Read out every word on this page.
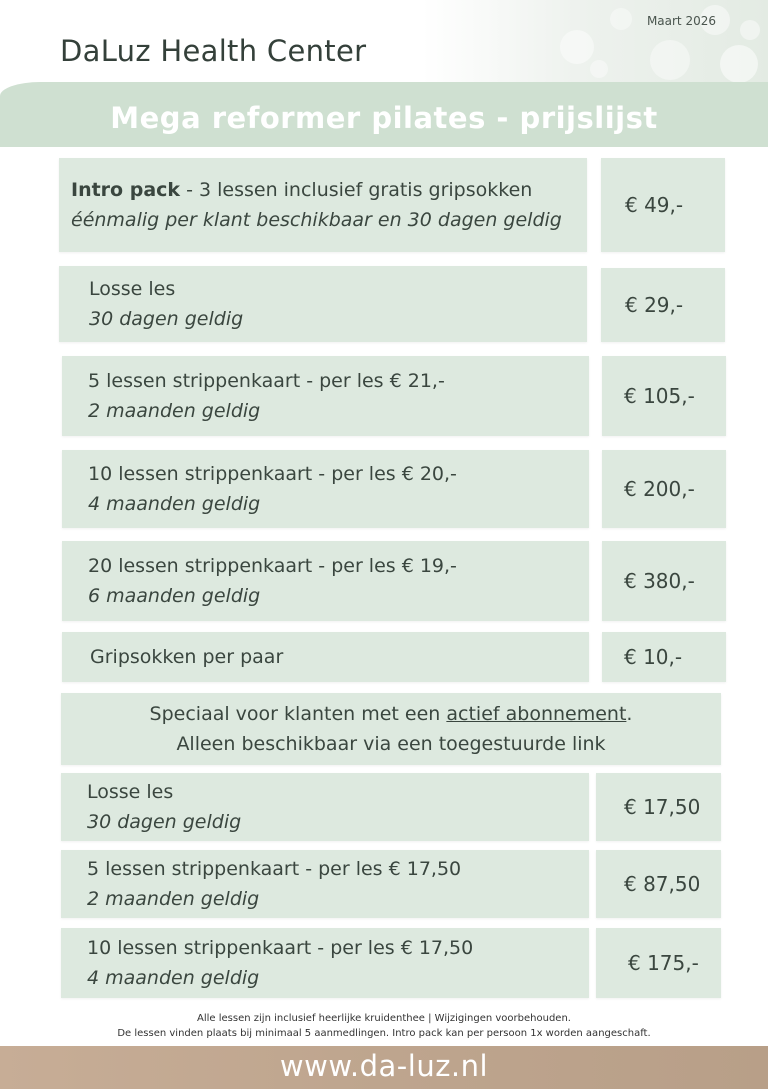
DaLuz Health Center
Maart 2026
Mega reformer pilates - prijslijst
Intro pack - 3 lessen inclusief gratis gripsokken
éénmalig per klant beschikbaar en 30 dagen geldig
€ 49,-
Losse les
30 dagen geldig
€ 29,-
5 lessen strippenkaart - per les € 21,-
2 maanden geldig
€ 105,-
10 lessen strippenkaart - per les € 20,-
4 maanden geldig
€ 200,-
20 lessen strippenkaart - per les € 19,-
6 maanden geldig
€ 380,-
Gripsokken per paar	€ 10,-
Speciaal voor klanten met een actief abonnement.
Alleen beschikbaar via een toegestuurde link
Losse les
30 dagen geldig
€ 17,50
5 lessen strippenkaart - per les € 17,50
2 maanden geldig
€ 87,50
10 lessen strippenkaart - per les € 17,50
4 maanden geldig
€ 175,-
Alle lessen zijn inclusief heerlijke kruidenthee | Wijzigingen voorbehouden.
De lessen vinden plaats bij minimaal 5 aanmedlingen. Intro pack kan per persoon 1x worden aangeschaft.
www.da-luz.nl
